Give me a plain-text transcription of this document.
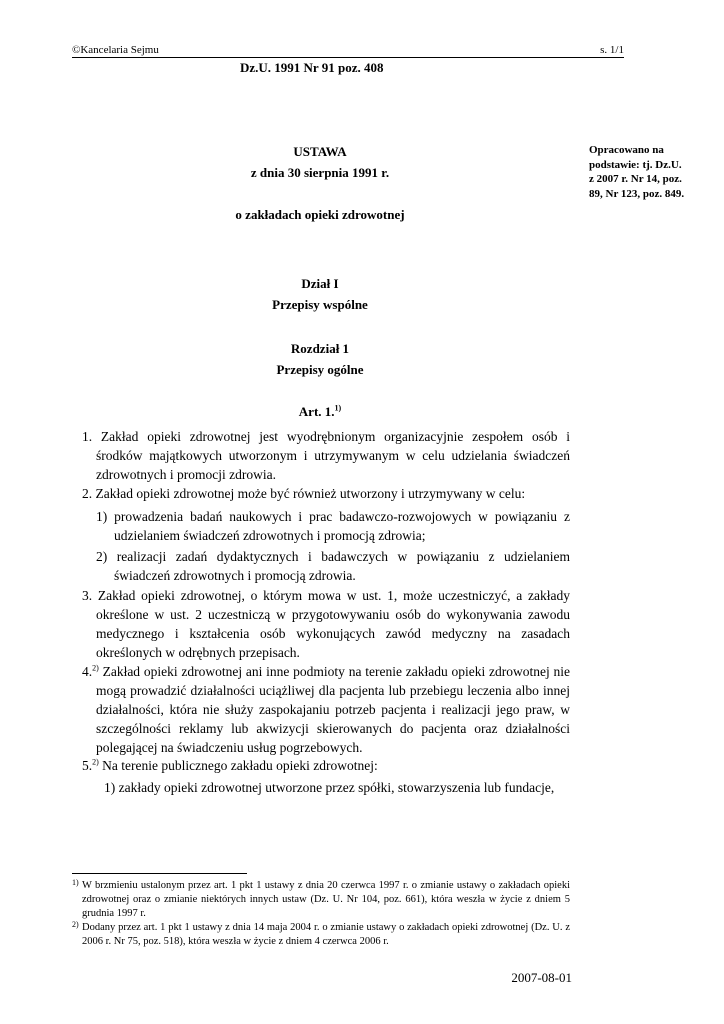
©Kancelaria Sejmu	s. 1/1
Dz.U. 1991 Nr 91 poz. 408
Opracowano na podstawie: tj. Dz.U. z 2007 r. Nr 14, poz. 89, Nr 123, poz. 849.
USTAWA
z dnia 30 sierpnia 1991 r.
o zakładach opieki zdrowotnej
Dział I
Przepisy wspólne
Rozdział 1
Przepisy ogólne
Art. 1.$^{1)}$
1. Zakład opieki zdrowotnej jest wyodrębnionym organizacyjnie zespołem osób i środków majątkowych utworzonym i utrzymywanym w celu udzielania świadczeń zdrowotnych i promocji zdrowia.
2. Zakład opieki zdrowotnej może być również utworzony i utrzymywany w celu:
1) prowadzenia badań naukowych i prac badawczo-rozwojowych w powiązaniu z udzielaniem świadczeń zdrowotnych i promocją zdrowia;
2) realizacji zadań dydaktycznych i badawczych w powiązaniu z udzielaniem świadczeń zdrowotnych i promocją zdrowia.
3. Zakład opieki zdrowotnej, o którym mowa w ust. 1, może uczestniczyć, a zakłady określone w ust. 2 uczestniczą w przygotowywaniu osób do wykonywania zawodu medycznego i kształcenia osób wykonujących zawód medyczny na zasadach określonych w odrębnych przepisach.
4.$^{2)}$ Zakład opieki zdrowotnej ani inne podmioty na terenie zakładu opieki zdrowotnej nie mogą prowadzić działalności uciążliwej dla pacjenta lub przebiegu leczenia albo innej działalności, która nie służy zaspokajaniu potrzeb pacjenta i realizacji jego praw, w szczególności reklamy lub akwizycji skierowanych do pacjenta oraz działalności polegającej na świadczeniu usług pogrzebowych.
5.$^{2)}$ Na terenie publicznego zakładu opieki zdrowotnej:
1) zakłady opieki zdrowotnej utworzone przez spółki, stowarzyszenia lub fundacje,
1) W brzmieniu ustalonym przez art. 1 pkt 1 ustawy z dnia 20 czerwca 1997 r. o zmianie ustawy o zakładach opieki zdrowotnej oraz o zmianie niektórych innych ustaw (Dz. U. Nr 104, poz. 661), która weszła w życie z dniem 5 grudnia 1997 r.
2) Dodany przez art. 1 pkt 1 ustawy z dnia 14 maja 2004 r. o zmianie ustawy o zakładach opieki zdrowotnej (Dz. U. z 2006 r. Nr 75, poz. 518), która weszła w życie z dniem 4 czerwca 2006 r.
2007-08-01
